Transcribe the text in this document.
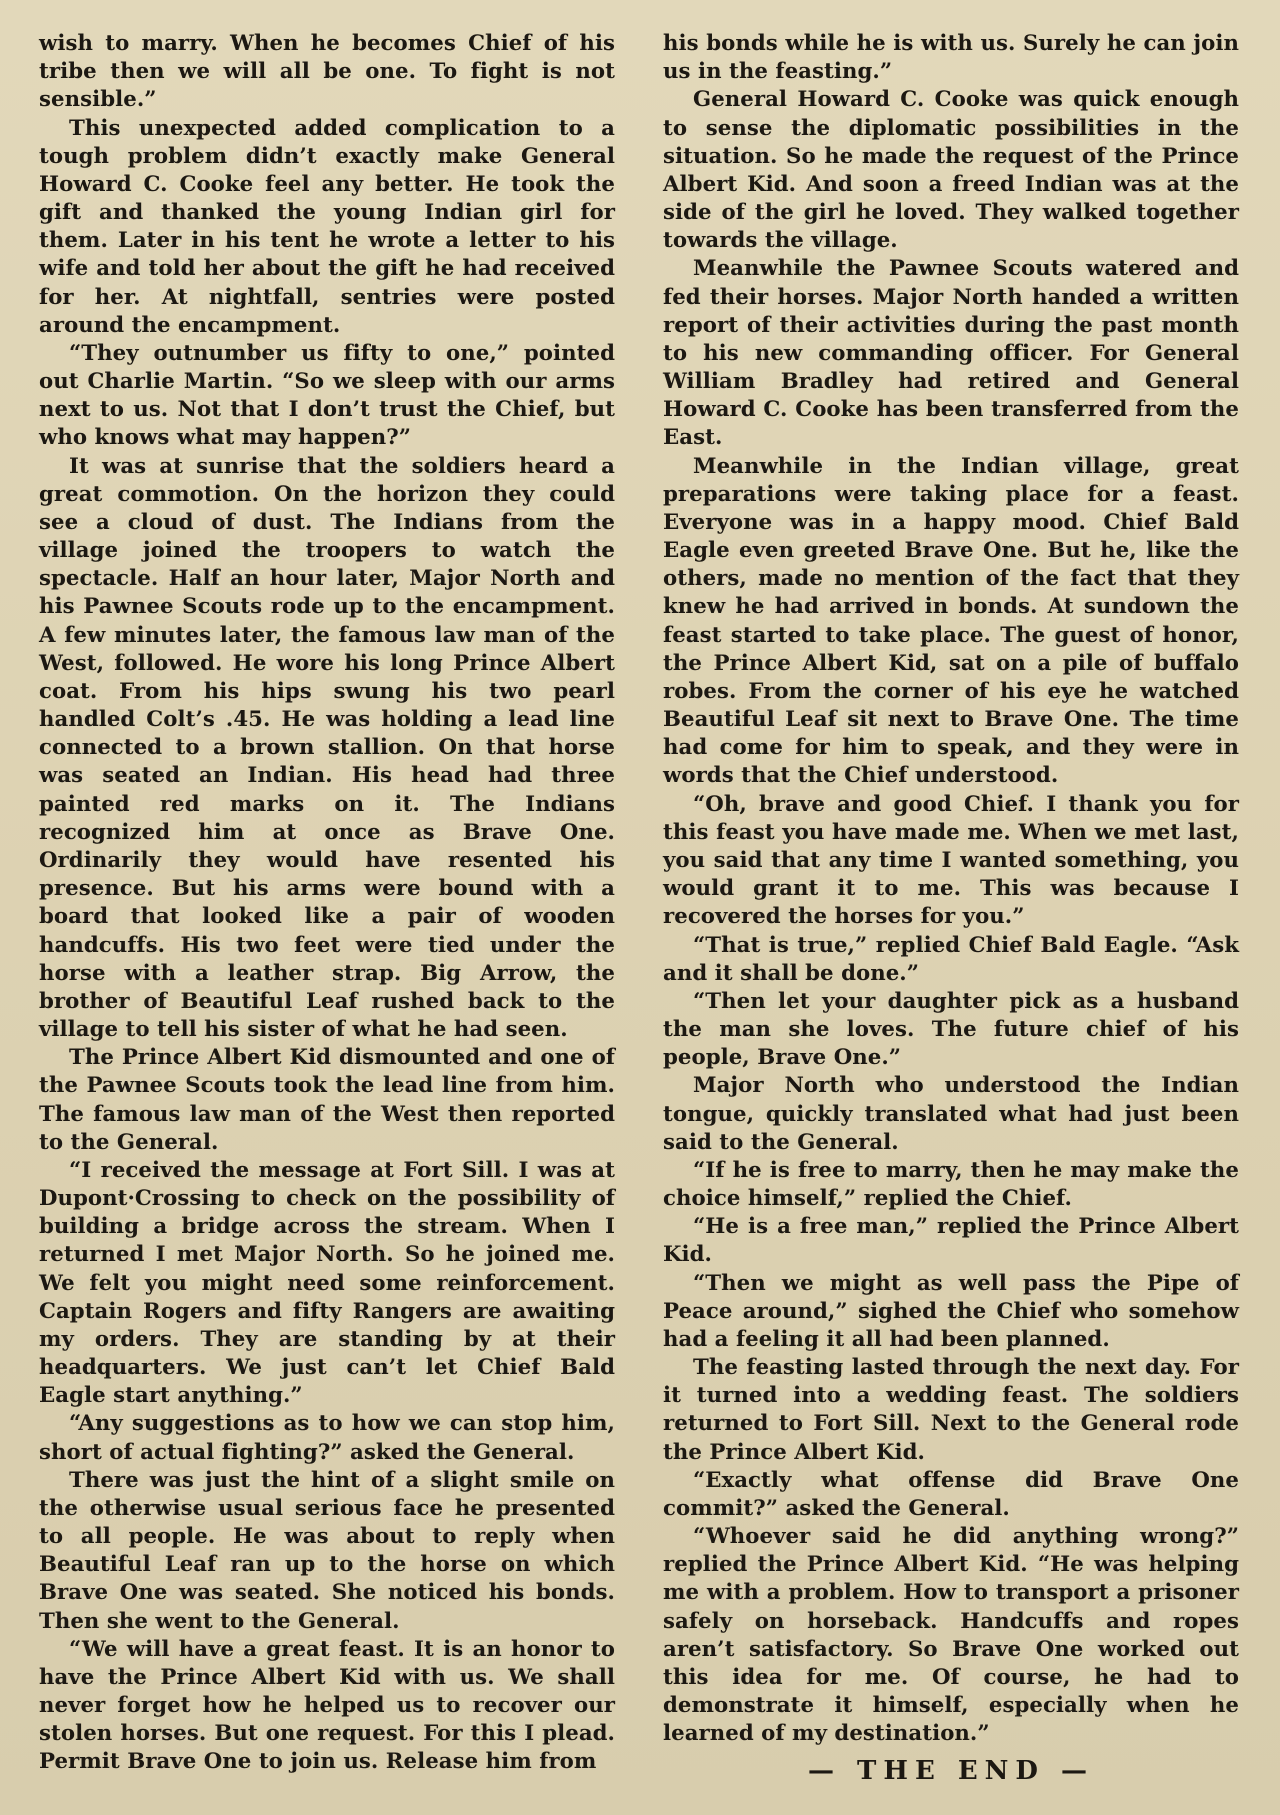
wish to marry. When he becomes Chief of his tribe then we will all be one. To fight is not sensible.”

This unexpected added complication to a tough problem didn’t exactly make General Howard C. Cooke feel any better. He took the gift and thanked the young Indian girl for them. Later in his tent he wrote a letter to his wife and told her about the gift he had received for her. At nightfall, sentries were posted around the encampment.

“They outnumber us fifty to one,” pointed out Charlie Martin. “So we sleep with our arms next to us. Not that I don’t trust the Chief, but who knows what may happen?”

It was at sunrise that the soldiers heard a great commotion. On the horizon they could see a cloud of dust. The Indians from the village joined the troopers to watch the spectacle. Half an hour later, Major North and his Pawnee Scouts rode up to the encampment. A few minutes later, the famous law man of the West, followed. He wore his long Prince Albert coat. From his hips swung his two pearl handled Colt’s .45. He was holding a lead line connected to a brown stallion. On that horse was seated an Indian. His head had three painted red marks on it. The Indians recognized him at once as Brave One. Ordinarily they would have resented his presence. But his arms were bound with a board that looked like a pair of wooden handcuffs. His two feet were tied under the horse with a leather strap. Big Arrow, the brother of Beautiful Leaf rushed back to the village to tell his sister of what he had seen.

The Prince Albert Kid dismounted and one of the Pawnee Scouts took the lead line from him. The famous law man of the West then reported to the General.

“I received the message at Fort Sill. I was at Dupont·Crossing to check on the possibility of building a bridge across the stream. When I returned I met Major North. So he joined me. We felt you might need some reinforcement. Captain Rogers and fifty Rangers are awaiting my orders. They are standing by at their headquarters. We just can’t let Chief Bald Eagle start anything.”

“Any suggestions as to how we can stop him, short of actual fighting?” asked the General.

There was just the hint of a slight smile on the otherwise usual serious face he presented to all people. He was about to reply when Beautiful Leaf ran up to the horse on which Brave One was seated. She noticed his bonds. Then she went to the General.

“We will have a great feast. It is an honor to have the Prince Albert Kid with us. We shall never forget how he helped us to recover our stolen horses. But one request. For this I plead. Permit Brave One to join us. Release him from

his bonds while he is with us. Surely he can join us in the feasting.”

General Howard C. Cooke was quick enough to sense the diplomatic possibilities in the situation. So he made the request of the Prince Albert Kid. And soon a freed Indian was at the side of the girl he loved. They walked together towards the village.

Meanwhile the Pawnee Scouts watered and fed their horses. Major North handed a written report of their activities during the past month to his new commanding officer. For General William Bradley had retired and General Howard C. Cooke has been transferred from the East.

Meanwhile in the Indian village, great preparations were taking place for a feast. Everyone was in a happy mood. Chief Bald Eagle even greeted Brave One. But he, like the others, made no mention of the fact that they knew he had arrived in bonds. At sundown the feast started to take place. The guest of honor, the Prince Albert Kid, sat on a pile of buffalo robes. From the corner of his eye he watched Beautiful Leaf sit next to Brave One. The time had come for him to speak, and they were in words that the Chief understood.

“Oh, brave and good Chief. I thank you for this feast you have made me. When we met last, you said that any time I wanted something, you would grant it to me. This was because I recovered the horses for you.”

“That is true,” replied Chief Bald Eagle. “Ask and it shall be done.”

“Then let your daughter pick as a husband the man she loves. The future chief of his people, Brave One.”

Major North who understood the Indian tongue, quickly translated what had just been said to the General.

“If he is free to marry, then he may make the choice himself,” replied the Chief.

“He is a free man,” replied the Prince Albert Kid.

“Then we might as well pass the Pipe of Peace around,” sighed the Chief who somehow had a feeling it all had been planned.

The feasting lasted through the next day. For it turned into a wedding feast. The soldiers returned to Fort Sill. Next to the General rode the Prince Albert Kid.

“Exactly what offense did Brave One commit?” asked the General.

“Whoever said he did anything wrong?” replied the Prince Albert Kid. “He was helping me with a problem. How to transport a prisoner safely on horseback. Handcuffs and ropes aren’t satisfactory. So Brave One worked out this idea for me. Of course, he had to demonstrate it himself, especially when he learned of my destination.”

— THE END —
